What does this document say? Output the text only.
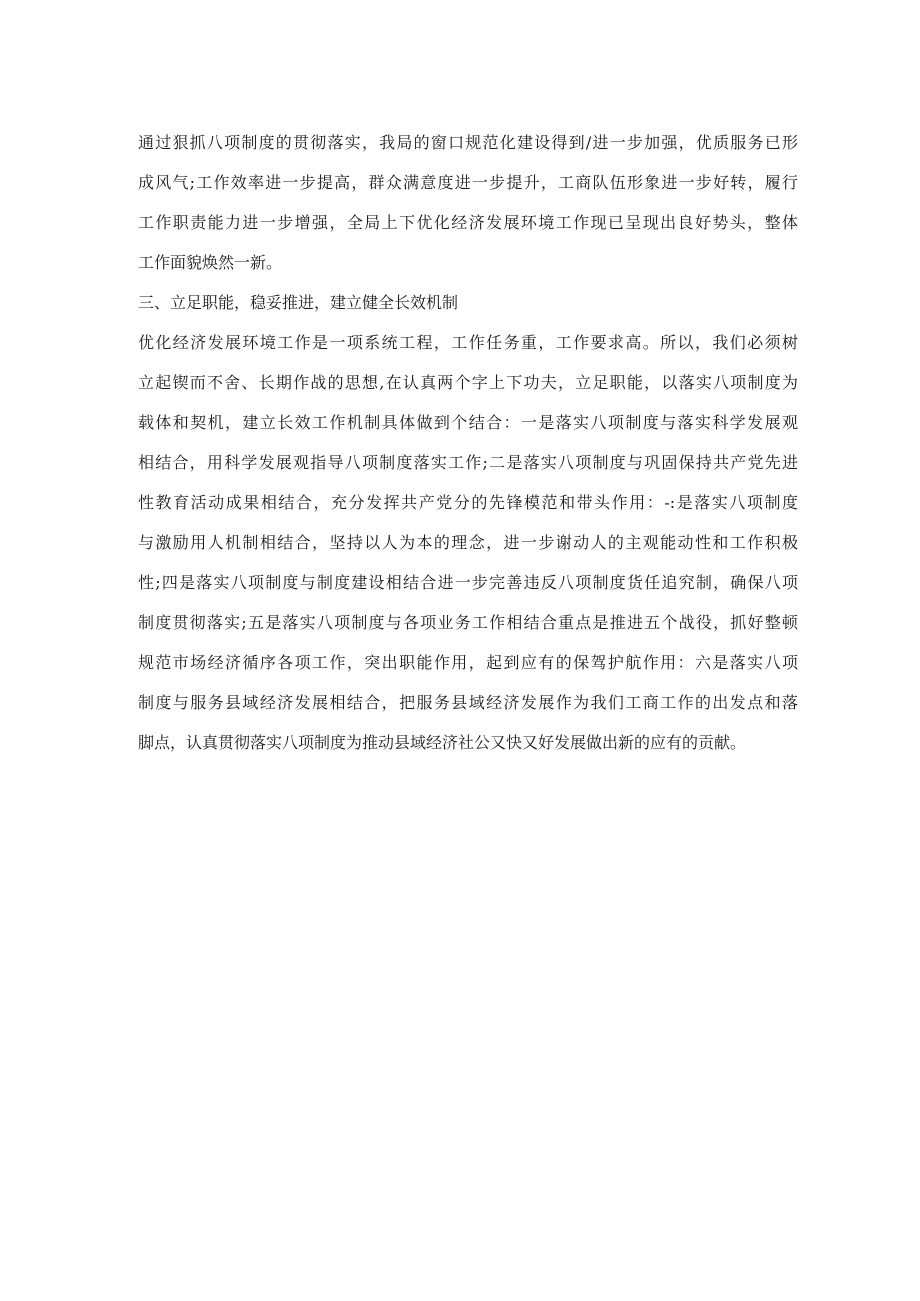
通过狠抓八项制度的贯彻落实，我局的窗口规范化建设得到/进一步加强，优质服务已形
成风气;工作效率进一步提高，群众满意度进一步提升，工商队伍形象进一步好转，履行
工作职责能力进一步增强，全局上下优化经济发展环境工作现已呈现出良好势头，整体
工作面貌焕然一新。
三、立足职能，稳妥推进，建立健全长效机制
优化经济发展环境工作是一项系统工程，工作任务重，工作要求高。所以，我们必须树
立起锲而不舍、长期作战的思想,在认真两个字上下功夫，立足职能，以落实八项制度为
载体和契机，建立长效工作机制具体做到个结合：一是落实八项制度与落实科学发展观
相结合，用科学发展观指导八项制度落实工作;二是落实八项制度与巩固保持共产党先进
性教育活动成果相结合，充分发挥共产党分的先锋模范和带头作用：-:是落实八项制度
与激励用人机制相结合，坚持以人为本的理念，进一步谢动人的主观能动性和工作积极
性;四是落实八项制度与制度建设相结合进一步完善违反八项制度货任追究制，确保八项
制度贯彻落实;五是落实八项制度与各项业务工作相结合重点是推进五个战役，抓好整顿
规范市场经济循序各项工作，突出职能作用，起到应有的保驾护航作用：六是落实八项
制度与服务县域经济发展相结合，把服务县域经济发展作为我们工商工作的出发点和落
脚点，认真贯彻落实八项制度为推动县域经济社公又快又好发展做出新的应有的贡献。
